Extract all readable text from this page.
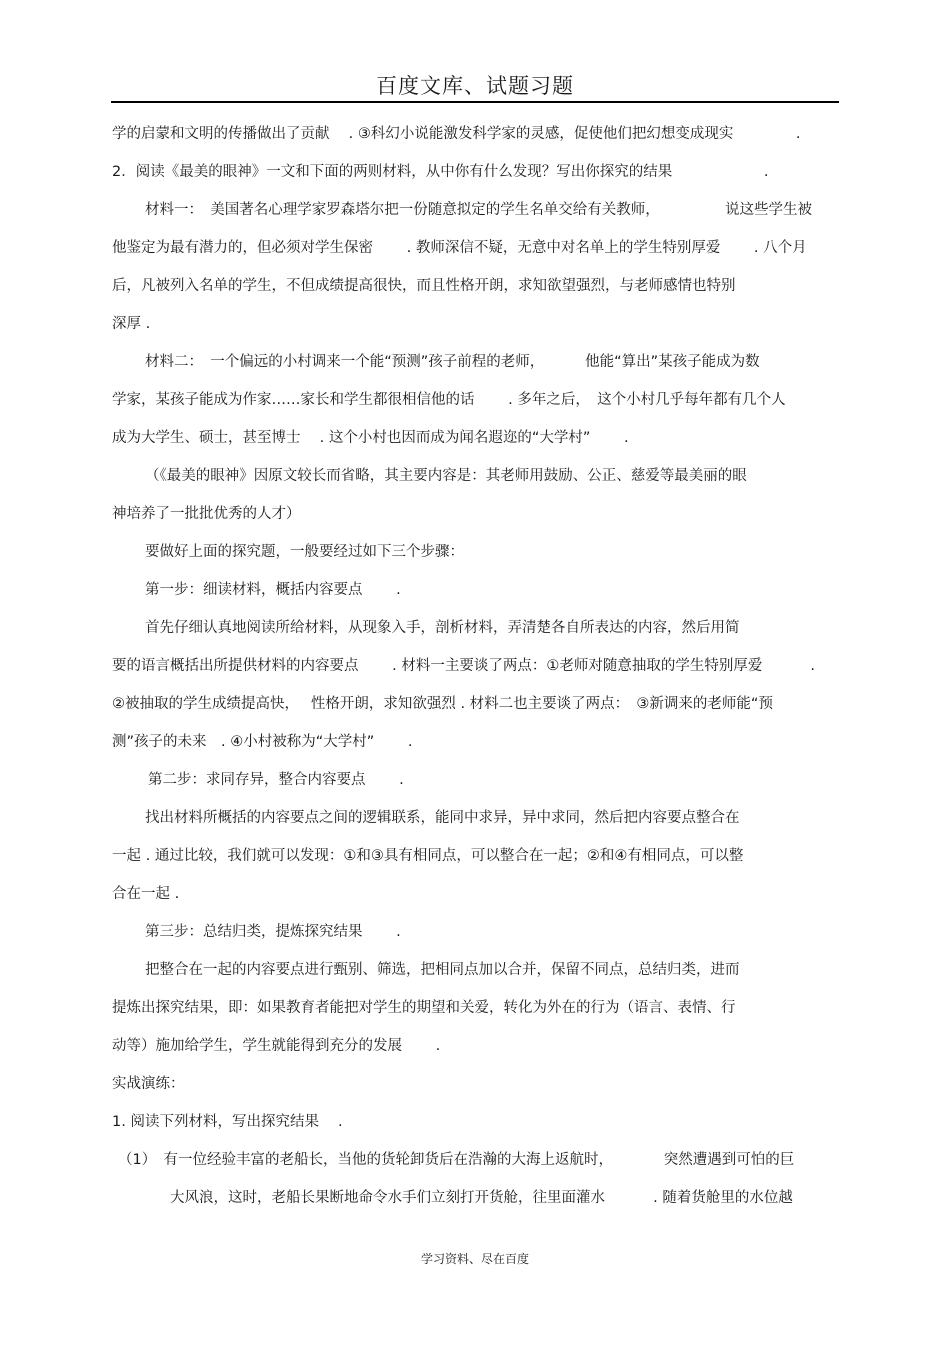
百度文库、试题习题
学的启蒙和文明的传播做出了贡献　 . ③科幻小说能激发科学家的灵感，促使他们把幻想变成现实　　　　 .
2．阅读《最美的眼神》一文和下面的两则材料，从中你有什么发现？写出你探究的结果　　　　　　 .
材料一：　美国著名心理学家罗森塔尔把一份随意拟定的学生名单交给有关教师，　　　　　说这些学生被
他鉴定为最有潜力的，但必须对学生保密　　 . 教师深信不疑，无意中对名单上的学生特别厚爱　　 . 八个月
后，凡被列入名单的学生，不但成绩提高很快，而且性格开朗，求知欲望强烈，与老师感情也特别
深厚 .
材料二：　一个偏远的小村调来一个能“预测”孩子前程的老师，　　　 他能“算出”某孩子能成为数
学家，某孩子能成为作家……家长和学生都很相信他的话　　 . 多年之后，　这个小村几乎每年都有几个人
成为大学生、硕士，甚至博士　 . 这个小村也因而成为闻名遐迩的“大学村”　　 .
（《最美的眼神》因原文较长而省略，其主要内容是：其老师用鼓励、公正、慈爱等最美丽的眼
神培养了一批批优秀的人才）
要做好上面的探究题，一般要经过如下三个步骤：
第一步：细读材料，概括内容要点　　 .
首先仔细认真地阅读所给材料，从现象入手，剖析材料，弄清楚各自所表达的内容，然后用简
要的语言概括出所提供材料的内容要点　　 . 材料一主要谈了两点：①老师对随意抽取的学生特别厚爱　　　 .
②被抽取的学生成绩提高快，　 性格开朗，求知欲强烈 . 材料二也主要谈了两点：　③新调来的老师能“预
测”孩子的未来　. ④小村被称为“大学村”　　 .
第二步：求同存异，整合内容要点　　 .
找出材料所概括的内容要点之间的逻辑联系，能同中求异，异中求同，然后把内容要点整合在
一起 . 通过比较，我们就可以发现：①和③具有相同点，可以整合在一起；②和④有相同点，可以整
合在一起 .
第三步：总结归类，提炼探究结果　　 .
把整合在一起的内容要点进行甄别、筛选，把相同点加以合并，保留不同点，总结归类，进而
提炼出探究结果，即：如果教育者能把对学生的期望和关爱，转化为外在的行为（语言、表情、行
动等）施加给学生，学生就能得到充分的发展　　 .
实战演练：
1. 阅读下列材料，写出探究结果　 .
（1）　有一位经验丰富的老船长，当他的货轮卸货后在浩瀚的大海上返航时，　　　　突然遭遇到可怕的巨
大风浪，这时，老船长果断地命令水手们立刻打开货舱，往里面灌水　　　 . 随着货舱里的水位越
学习资料、尽在百度
